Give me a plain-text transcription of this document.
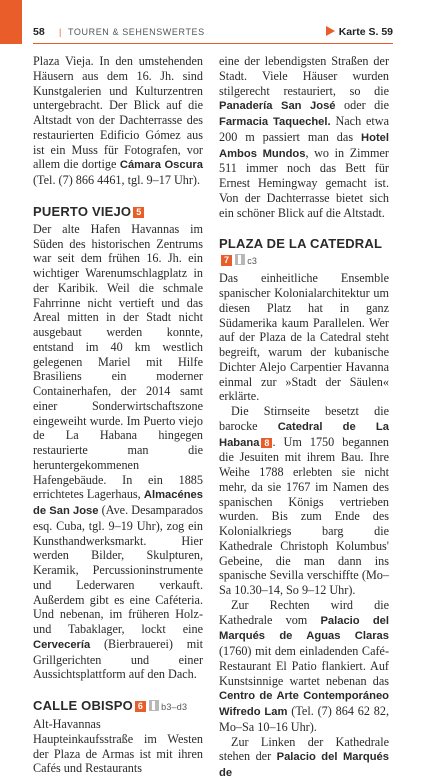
58 | TOUREN & SEHENSWERTES	Karte S. 59

Plaza Vieja. In den umstehenden Häusern aus dem 16. Jh. sind Kunstgalerien und Kulturzentren untergebracht. Der Blick auf die Altstadt von der Dachterrasse des restaurierten Edificio Gómez aus ist ein Muss für Fotografen, vor allem die dortige Cámara Oscura (Tel. (7) 866 4461, tgl. 9–17 Uhr).

PUERTO VIEJO 5

Der alte Hafen Havannas im Süden des historischen Zentrums war seit dem frühen 16. Jh. ein wichtiger Warenumschlagplatz in der Karibik. Weil die schmale Fahrrinne nicht vertieft und das Areal mitten in der Stadt nicht ausgebaut werden konnte, entstand im 40 km westlich gelegenen Mariel mit Hilfe Brasiliens ein moderner Containerhafen, der 2014 samt einer Sonderwirtschaftszone eingeweiht wurde. Im Puerto viejo de La Habana hingegen restaurierte man die heruntergekommenen Hafengebäude. In ein 1885 errichtetes Lagerhaus, Almacénes de San Jose (Ave. Desamparados esq. Cuba, tgl. 9–19 Uhr), zog ein Kunsthandwerksmarkt. Hier werden Bilder, Skulpturen, Keramik, Percussioninstrumente und Lederwaren verkauft. Außerdem gibt es eine Caféteria. Und nebenan, im früheren Holz- und Tabaklager, lockt eine Cervecería (Bierbrauerei) mit Grillgerichten und einer Aussichtsplattform auf den Dach.

CALLE OBISPO 6 b3–d3

Alt-Havannas Haupteinkaufsstraße im Westen der Plaza de Armas ist mit ihren Cafés und Restaurants

eine der lebendigsten Straßen der Stadt. Viele Häuser wurden stilgerecht restauriert, so die Panadería San José oder die Farmacia Taquechel. Nach etwa 200 m passiert man das Hotel Ambos Mundos, wo in Zimmer 511 immer noch das Bett für Ernest Hemingway gemacht ist. Von der Dachterrasse bietet sich ein schöner Blick auf die Altstadt.

PLAZA DE LA CATEDRAL7 c3

Das einheitliche Ensemble spanischer Kolonialarchitektur um diesen Platz hat in ganz Südamerika kaum Parallelen. Wer auf der Plaza de la Catedral steht begreift, warum der kubanische Dichter Alejo Carpentier Havanna einmal zur »Stadt der Säulen« erklärte.

Die Stirnseite besetzt die barocke Catedral de La Habana 8 . Um 1750 begannen die Jesuiten mit ihrem Bau. Ihre Weihe 1788 erlebten sie nicht mehr, da sie 1767 im Namen des spanischen Königs vertrieben wurden. Bis zum Ende des Kolonialkriegs barg die Kathedrale Christoph Kolumbus' Gebeine, die man dann ins spanische Sevilla verschiffte (Mo–Sa 10.30–14, So 9–12 Uhr).

Zur Rechten wird die Kathedrale vom Palacio del Marqués de Aguas Claras (1760) mit dem einladenden Café-Restaurant El Patio flankiert. Auf Kunstsinnige wartet nebenan das Centro de Arte Contemporáneo Wifredo Lam (Tel. (7) 864 62 82, Mo–Sa 10–16 Uhr).

Zur Linken der Kathedrale stehen der Palacio del Marqués de
